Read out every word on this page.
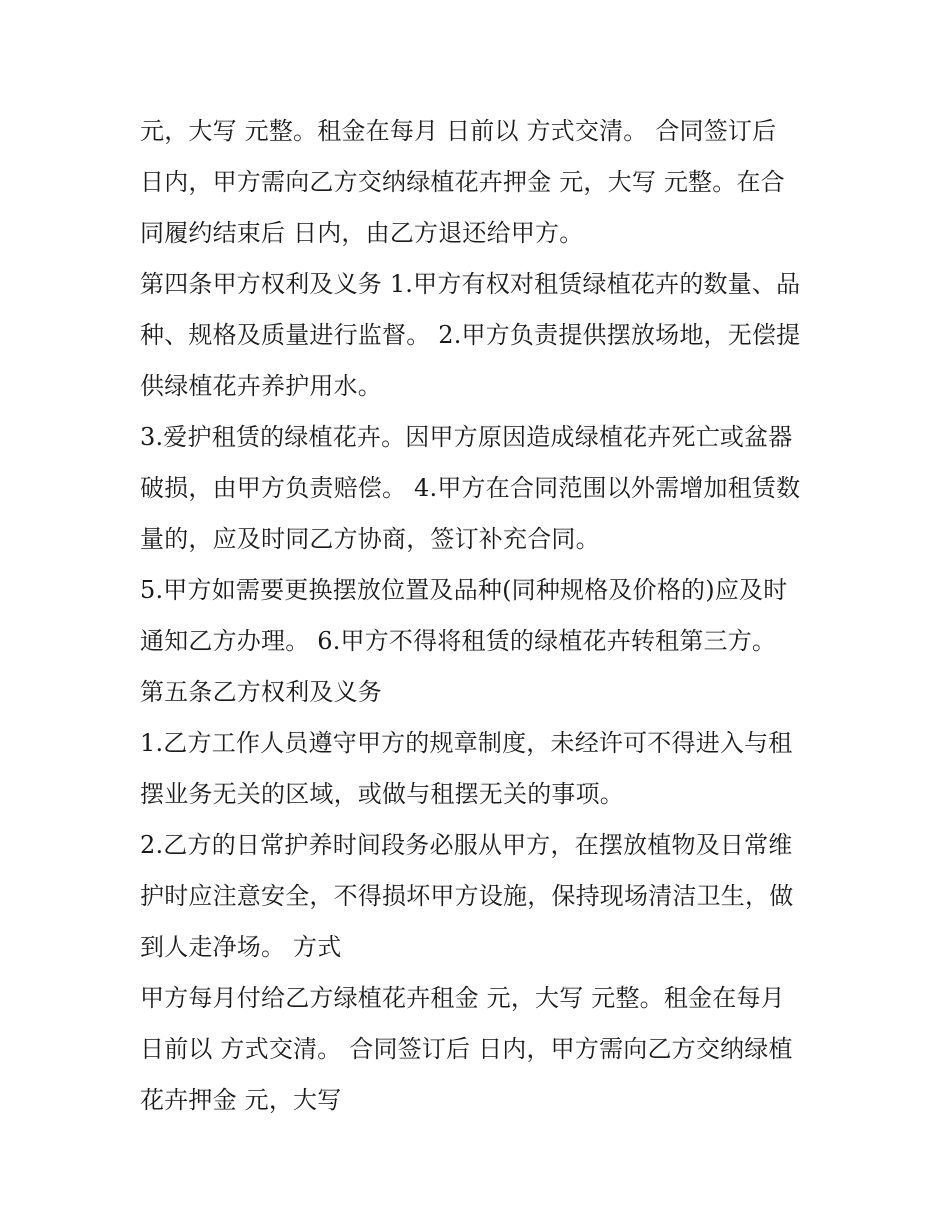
元，大写 元整。租金在每月 日前以 方式交清。 合同签订后
日内，甲方需向乙方交纳绿植花卉押金 元，大写 元整。在合
同履约结束后 日内，由乙方退还给甲方。
第四条甲方权利及义务 1.甲方有权对租赁绿植花卉的数量、品
种、规格及质量进行监督。 2.甲方负责提供摆放场地，无偿提
供绿植花卉养护用水。
3.爱护租赁的绿植花卉。因甲方原因造成绿植花卉死亡或盆器
破损，由甲方负责赔偿。 4.甲方在合同范围以外需增加租赁数
量的，应及时同乙方协商，签订补充合同。
5.甲方如需要更换摆放位置及品种(同种规格及价格的)应及时
通知乙方办理。 6.甲方不得将租赁的绿植花卉转租第三方。
第五条乙方权利及义务
1.乙方工作人员遵守甲方的规章制度，未经许可不得进入与租
摆业务无关的区域，或做与租摆无关的事项。
2.乙方的日常护养时间段务必服从甲方，在摆放植物及日常维
护时应注意安全，不得损坏甲方设施，保持现场清洁卫生，做
到人走净场。 方式
甲方每月付给乙方绿植花卉租金 元，大写 元整。租金在每月
日前以 方式交清。 合同签订后 日内，甲方需向乙方交纳绿植
花卉押金 元，大写
